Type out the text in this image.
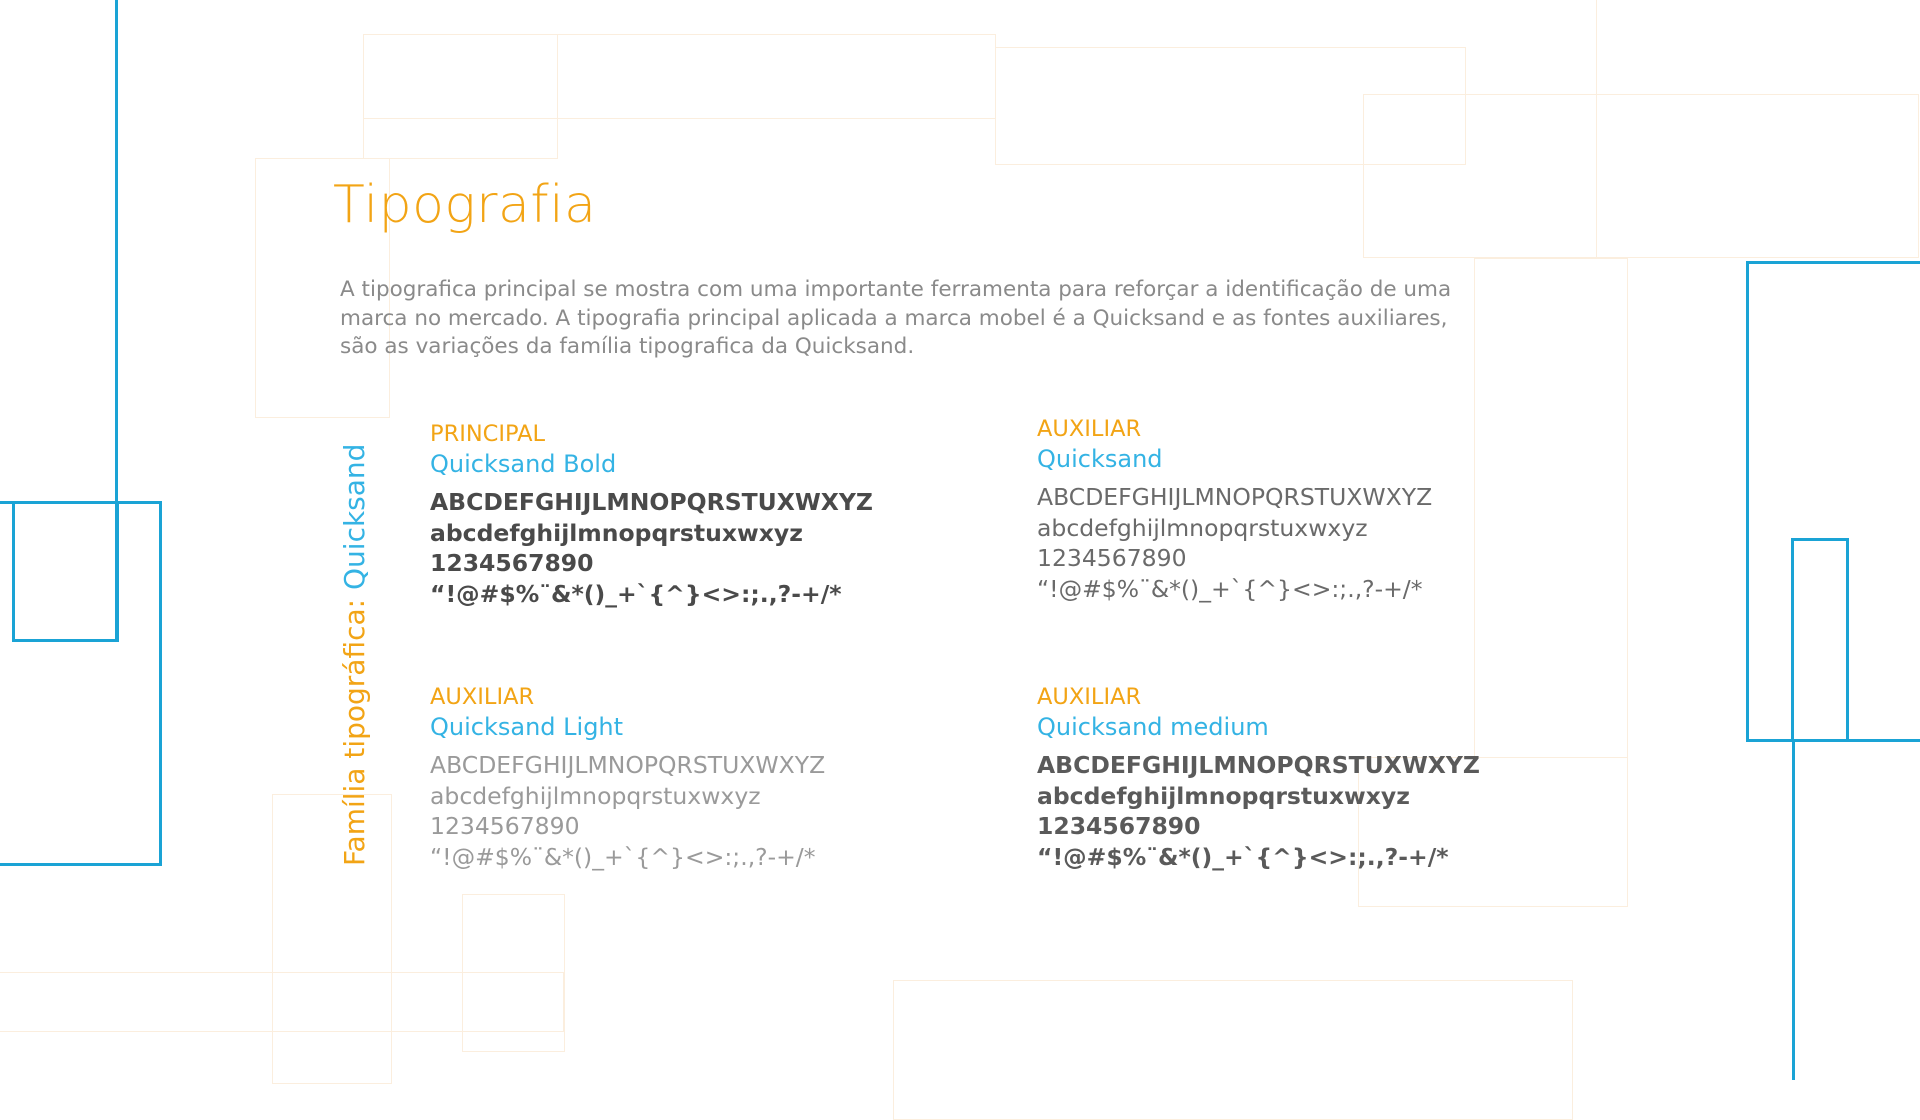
Tipografia

A tipografica principal se mostra com uma importante ferramenta para reforçar a identificação de uma marca no mercado. A tipografia principal aplicada a marca mobel é a Quicksand e as fontes auxiliares, são as variações da família tipografica da Quicksand.

Família tipográfica: Quicksand
PRINCIPAL
Quicksand Bold
ABCDEFGHIJLMNOPQRSTUXWXYZ
abcdefghijlmnopqrstuxwxyz
1234567890
“!@#$%¨&*()_+`{^}<>:;.,?-+/*
AUXILIAR
Quicksand
ABCDEFGHIJLMNOPQRSTUXWXYZ
abcdefghijlmnopqrstuxwxyz
1234567890
“!@#$%¨&*()_+`{^}<>:;.,?-+/*
AUXILIAR
Quicksand Light
ABCDEFGHIJLMNOPQRSTUXWXYZ
abcdefghijlmnopqrstuxwxyz
1234567890
“!@#$%¨&*()_+`{^}<>:;.,?-+/*
AUXILIAR
Quicksand medium
ABCDEFGHIJLMNOPQRSTUXWXYZ
abcdefghijlmnopqrstuxwxyz
1234567890
“!@#$%¨&*()_+`{^}<>:;.,?-+/*
